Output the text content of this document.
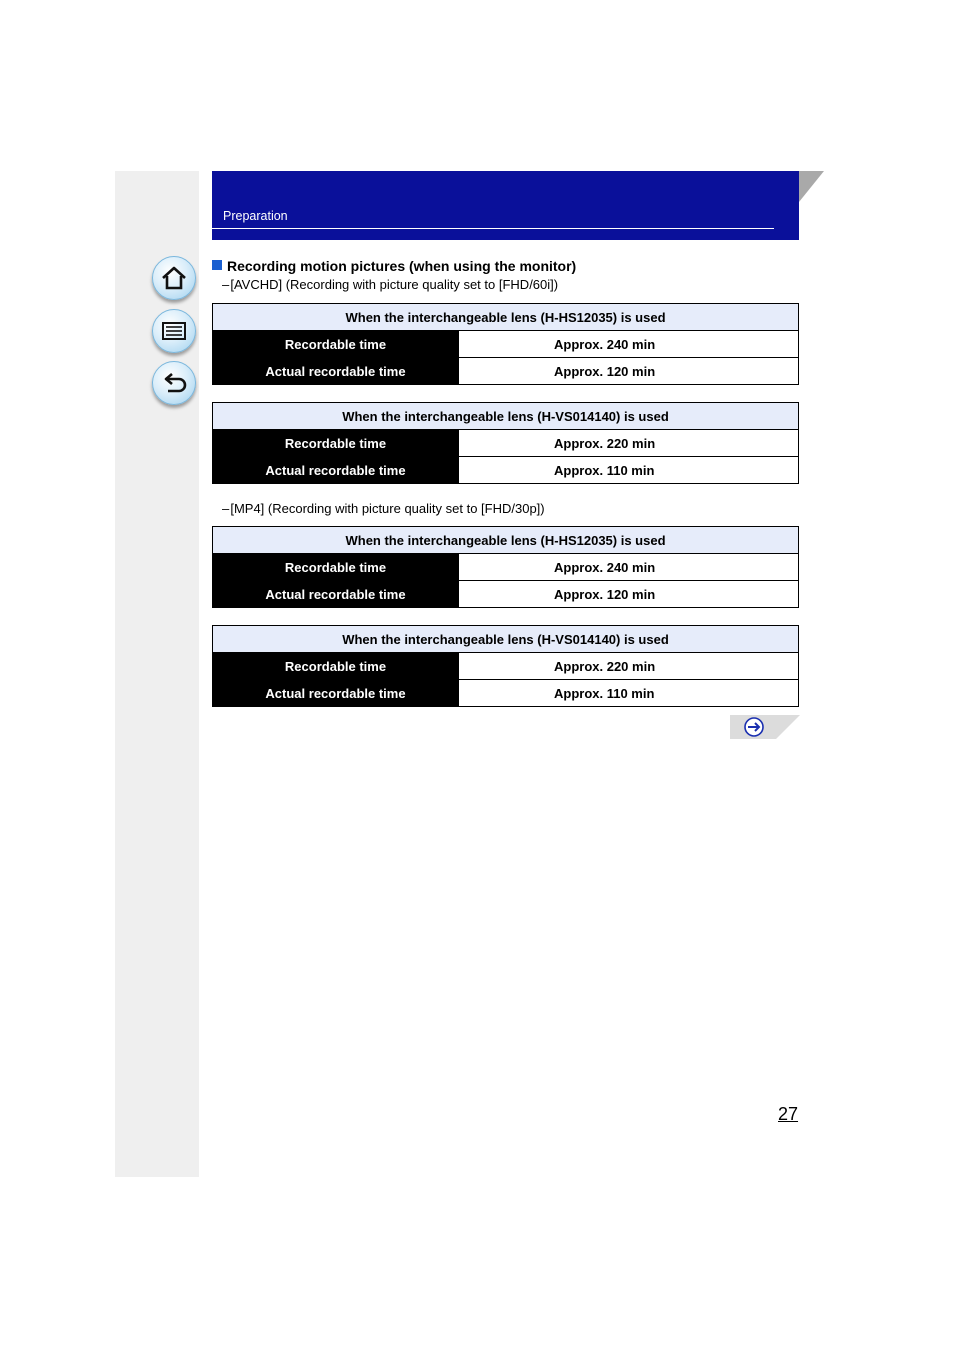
Preparation
Recording motion pictures (when using the monitor)
– [AVCHD] (Recording with picture quality set to [FHD/60i])
When the interchangeable lens (H-HS12035) is used	
Recordable time	Approx. 240 min
Actual recordable time	Approx. 120 min
When the interchangeable lens (H-VS014140) is used	
Recordable time	Approx. 220 min
Actual recordable time	Approx. 110 min
– [MP4] (Recording with picture quality set to [FHD/30p])
When the interchangeable lens (H-HS12035) is used	
Recordable time	Approx. 240 min
Actual recordable time	Approx. 120 min
When the interchangeable lens (H-VS014140) is used	
Recordable time	Approx. 220 min
Actual recordable time	Approx. 110 min
27
